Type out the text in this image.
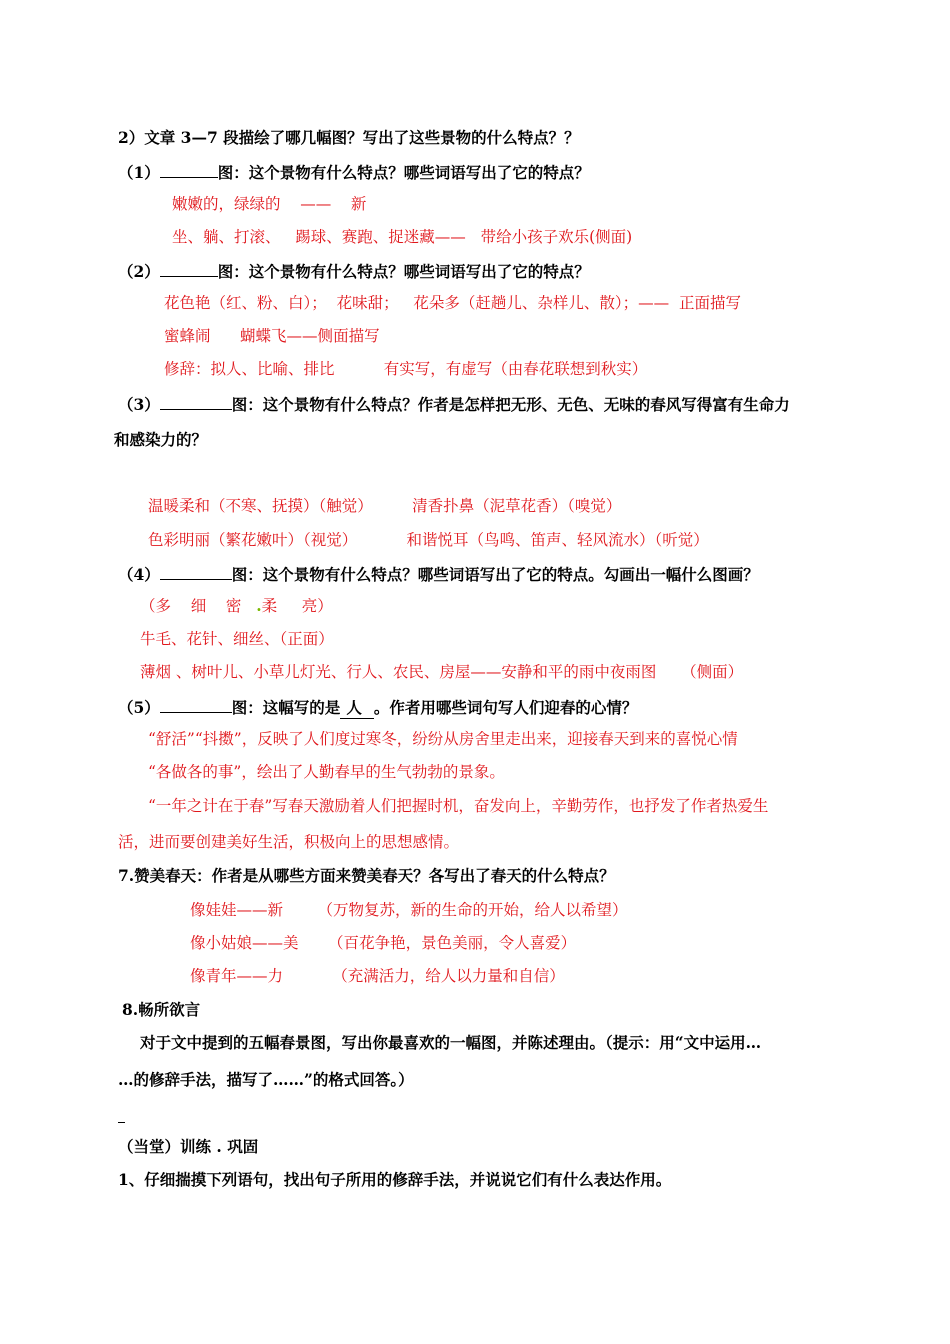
2）文章 3—7 段描绘了哪几幅图？写出了这些景物的什么特点？？
（1）	图：这个景物有什么特点？哪些词语写出了它的特点？
嫩嫩的，绿绿的    ——    新
坐、躺、打滚、   踢球、赛跑、捉迷藏——   带给小孩子欢乐(侧面)
（2）	图：这个景物有什么特点？哪些词语写出了它的特点？
花色艳（红、粉、白）；  花味甜；   花朵多（赶趟儿、杂样儿、散）；——  正面描写
蜜蜂闹      蝴蝶飞——侧面描写
修辞：拟人、比喻、排比          有实写，有虚写（由春花联想到秋实）
（3）	图：这个景物有什么特点？作者是怎样把无形、无色、无味的春风写得富有生命力
和感染力的？
温暖柔和（不寒、抚摸）（触觉）        清香扑鼻（泥草花香）（嗅觉）
色彩明丽（繁花嫩叶）（视觉）          和谐悦耳（鸟鸣、笛声、轻风流水）（听觉）
（4）	图：这个景物有什么特点？哪些词语写出了它的特点。勾画出一幅什么图画？
（多    细    密   .柔     亮）
牛毛、花针、细丝、（正面）
薄烟 、树叶儿、小草儿灯光、行人、农民、房屋——安静和平的雨中夜雨图     （侧面）
（5）	图：这幅写的是 人 。作者用哪些词句写人们迎春的心情？
“舒活”“抖擞”，反映了人们度过寒冬，纷纷从房舍里走出来，迎接春天到来的喜悦心情
“各做各的事”，绘出了人勤春早的生气勃勃的景象。
“一年之计在于春”写春天激励着人们把握时机，奋发向上，辛勤劳作，也抒发了作者热爱生
活，进而要创建美好生活，积极向上的思想感情。
7.赞美春天：作者是从哪些方面来赞美春天？各写出了春天的什么特点？
像娃娃——新       （万物复苏，新的生命的开始，给人以希望）
像小姑娘——美      （百花争艳，景色美丽，令人喜爱）
像青年——力          （充满活力，给人以力量和自信）
8.畅所欲言
对于文中提到的五幅春景图，写出你最喜欢的一幅图，并陈述理由。（提示：用“文中运用…
…的修辞手法，描写了……”的格式回答。）
（当堂）训练 . 巩固
1、仔细揣摸下列语句，找出句子所用的修辞手法，并说说它们有什么表达作用。
